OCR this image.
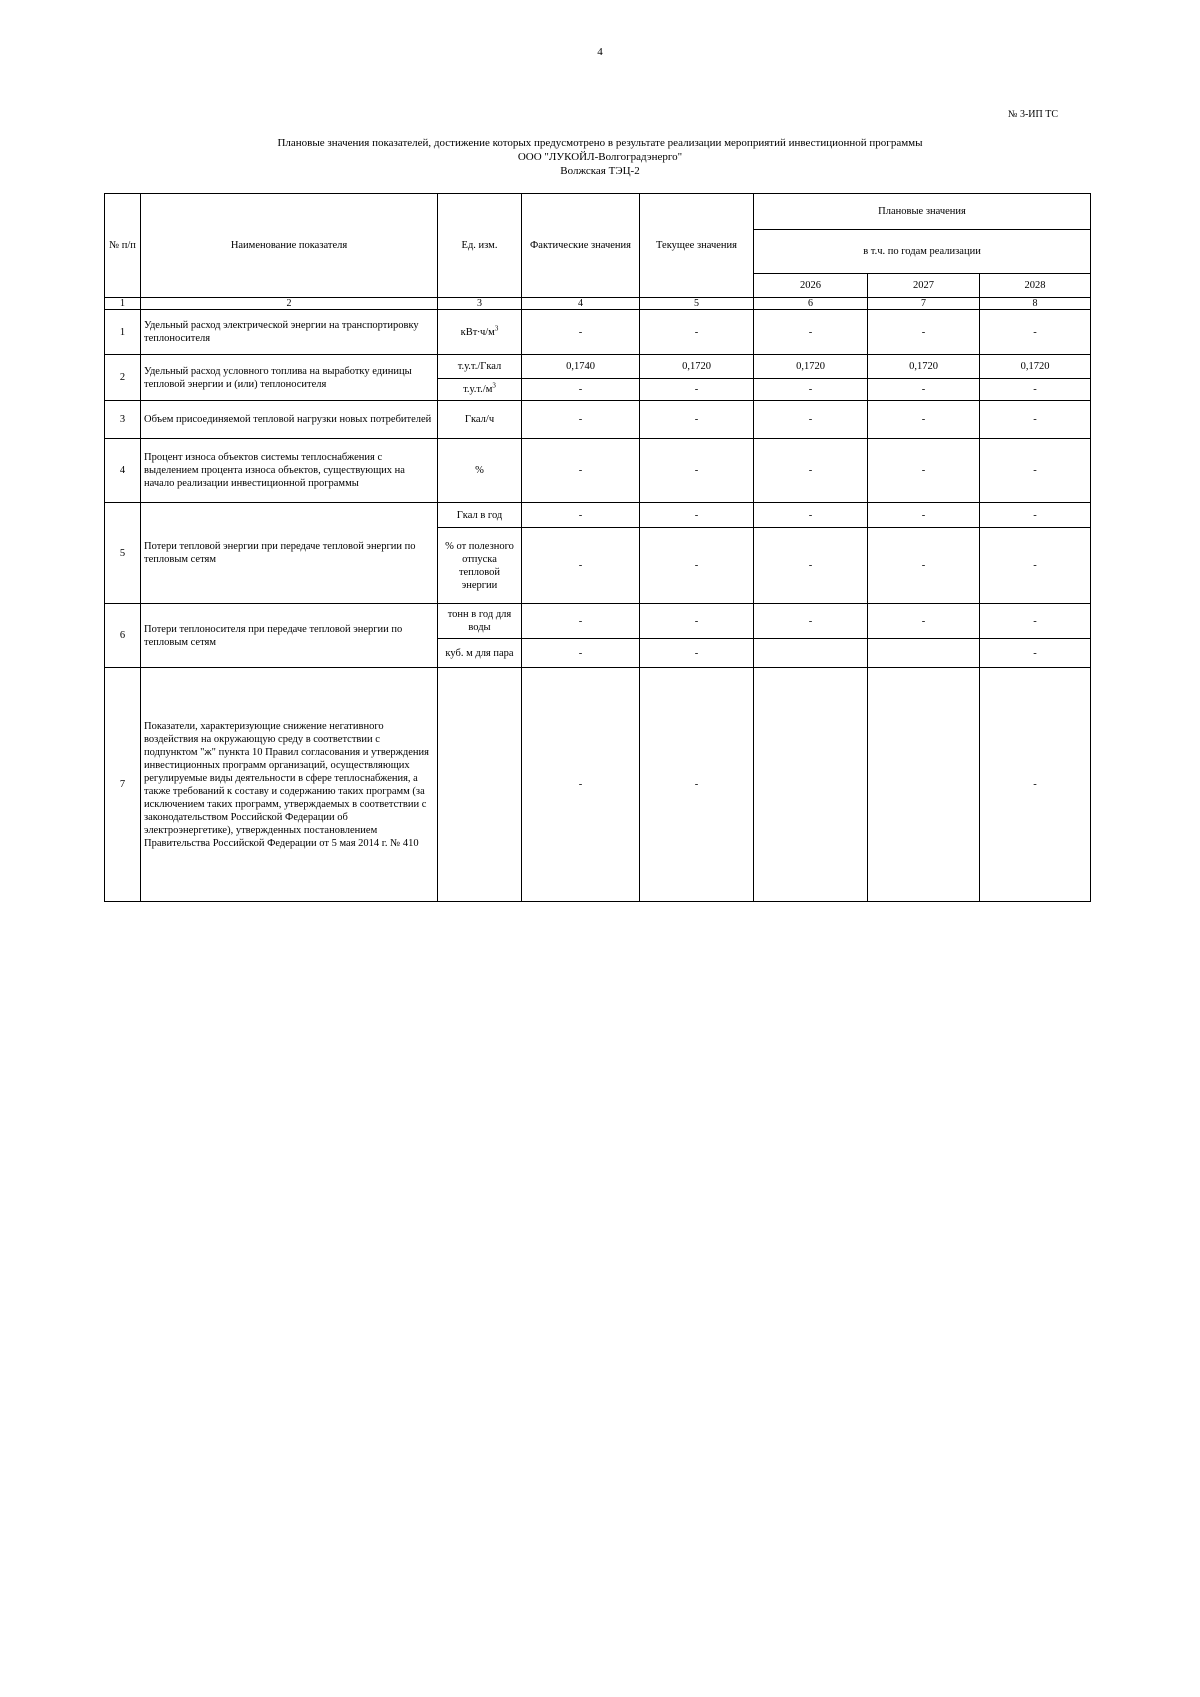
4
№ 3-ИП ТС
Плановые значения показателей, достижение которых предусмотрено в результате реализации мероприятий инвестиционной программы
ООО "ЛУКОЙЛ-Волгоградэнерго"
Волжская ТЭЦ-2
№ п/п	Наименование показателя	Ед. изм.	Фактические значения	Текущее значения	Плановые значения		
					в т.ч. по годам реализации		
					2026	2027	2028
1	2	3	4	5	6	7	8
1	Удельный расход электрической энергии на транспортировку теплоносителя	$кВт\cdot ч/м^3$	-	-	-	-	-
2	Удельный расход условного топлива на выработку единицы тепловой энергии и (или) теплоносителя	т.у.т./Гкал	0,1740	0,1720	0,1720	0,1720	0,1720
		$т.у.т./м^3$	-	-	-	-	-
3	Объем присоединяемой тепловой нагрузки новых потребителей	Гкал/ч	-	-	-	-	-
4	Процент износа объектов системы теплоснабжения с выделением процента износа объектов, существующих на начало реализации инвестиционной программы	%	-	-	-	-	-
5	Потери тепловой энергии при передаче тепловой энергии по тепловым сетям	Гкал в год	-	-	-	-	-
		% от полезного отпуска тепловой энергии	-	-	-	-	-
6	Потери теплоносителя при передаче тепловой энергии по тепловым сетям	тонн в год для воды	-	-	-	-	-
		куб. м для пара	-	-			-
7	Показатели, характеризующие снижение негативного воздействия на окружающую среду в соответствии с подпунктом "ж" пункта 10 Правил согласования и утверждения инвестиционных программ организаций, осуществляющих регулируемые виды деятельности в сфере теплоснабжения, а также требований к составу и содержанию таких программ (за исключением таких программ, утверждаемых в соответствии с законодательством Российской Федерации об электроэнергетике), утвержденных постановлением Правительства Российской Федерации от 5 мая 2014 г. № 410		-	-			-
